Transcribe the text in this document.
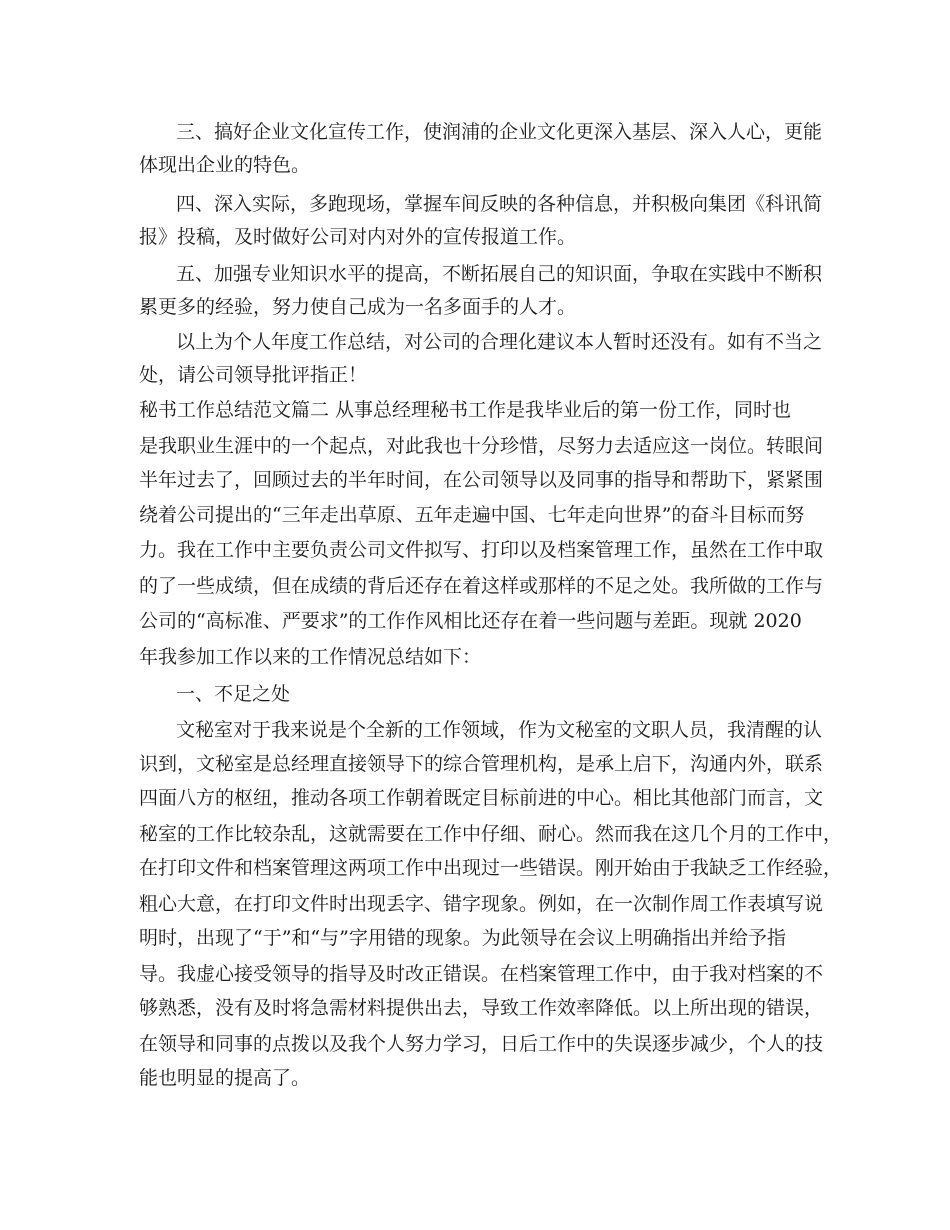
三、搞好企业文化宣传工作，使润浦的企业文化更深入基层、深入人心，更能
体现出企业的特色。
四、深入实际，多跑现场，掌握车间反映的各种信息，并积极向集团《科讯简
报》投稿，及时做好公司对内对外的宣传报道工作。
五、加强专业知识水平的提高，不断拓展自己的知识面，争取在实践中不断积
累更多的经验，努力使自己成为一名多面手的人才。
以上为个人年度工作总结，对公司的合理化建议本人暂时还没有。如有不当之
处，请公司领导批评指正！
秘书工作总结范文篇二 从事总经理秘书工作是我毕业后的第一份工作，同时也
是我职业生涯中的一个起点，对此我也十分珍惜，尽努力去适应这一岗位。转眼间
半年过去了，回顾过去的半年时间，在公司领导以及同事的指导和帮助下，紧紧围
绕着公司提出的“三年走出草原、五年走遍中国、七年走向世界”的奋斗目标而努
力。我在工作中主要负责公司文件拟写、打印以及档案管理工作，虽然在工作中取
的了一些成绩，但在成绩的背后还存在着这样或那样的不足之处。我所做的工作与
公司的“高标准、严要求”的工作作风相比还存在着一些问题与差距。现就 2020
年我参加工作以来的工作情况总结如下：
一、不足之处
文秘室对于我来说是个全新的工作领域，作为文秘室的文职人员，我清醒的认
识到，文秘室是总经理直接领导下的综合管理机构，是承上启下，沟通内外，联系
四面八方的枢纽，推动各项工作朝着既定目标前进的中心。相比其他部门而言，文
秘室的工作比较杂乱，这就需要在工作中仔细、耐心。然而我在这几个月的工作中，
在打印文件和档案管理这两项工作中出现过一些错误。刚开始由于我缺乏工作经验，
粗心大意，在打印文件时出现丢字、错字现象。例如，在一次制作周工作表填写说
明时，出现了“于”和“与”字用错的现象。为此领导在会议上明确指出并给予指
导。我虚心接受领导的指导及时改正错误。在档案管理工作中，由于我对档案的不
够熟悉，没有及时将急需材料提供出去，导致工作效率降低。以上所出现的错误，
在领导和同事的点拨以及我个人努力学习，日后工作中的失误逐步减少，个人的技
能也明显的提高了。
